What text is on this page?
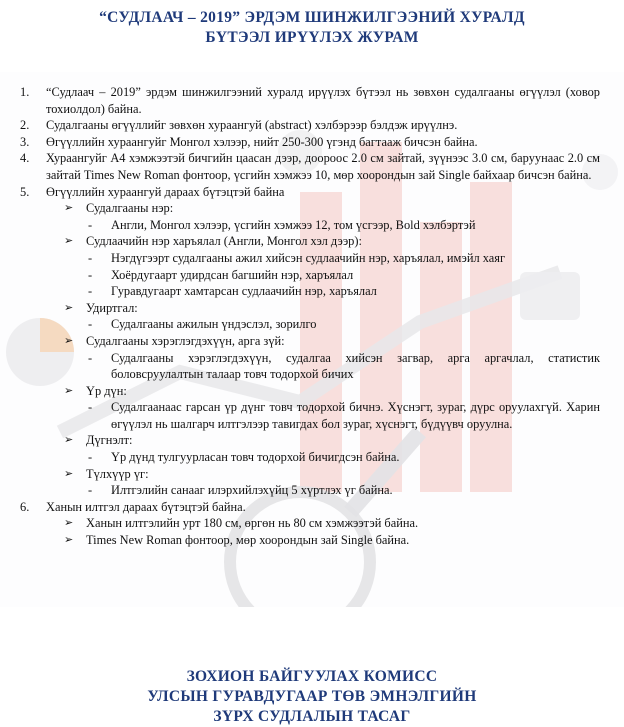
“СУДЛААЧ – 2019” ЭРДЭМ ШИНЖИЛГЭЭНИЙ ХУРАЛД
БҮТЭЭЛ ИРҮҮЛЭХ ЖУРАМ
1.	“Судлаач – 2019” эрдэм шинжилгээний хуралд ирүүлэх бүтээл нь зөвхөн судалгааны өгүүлэл (ховор тохиолдол) байна.
2.	Судалгааны өгүүллийг зөвхөн хураангуй (abstract) хэлбэрээр бэлдэж ирүүлнэ.
3.	Өгүүллийн хураангуйг Монгол хэлээр, нийт 250-300 үгэнд багтааж бичсэн байна.
4.	Хураангуйг А4 хэмжээтэй бичгийн цаасан дээр, доороос 2.0 см зайтай, зүүнээс 3.0 см, баруунаас 2.0 см зайтай Times New Roman фонтоор, үсгийн хэмжээ 10, мөр хоорондын зай Single байхаар бичсэн байна.
5.	Өгүүллийн хураангуй дараах бүтэцтэй байна
➢ Судалгааны нэр:
- Англи, Монгол хэлээр, үсгийн хэмжээ 12, том үсгээр, Bold хэлбэртэй
➢ Судлаачийн нэр харъялал (Англи, Монгол хэл дээр):
- Нэгдүгээрт судалгааны ажил хийсэн судлаачийн нэр, харъялал, имэйл хаяг
- Хоёрдугаарт удирдсан багшийн нэр, харъялал
- Гуравдугаарт хамтарсан судлаачийн нэр, харъялал
➢ Удиртгал:
- Судалгааны ажилын үндэслэл, зорилго
➢ Судалгааны хэрэглэгдэхүүн, арга зүй:
- Судалгааны хэрэглэгдэхүүн, судалгаа хийсэн загвар, арга аргачлал, статистик боловсруулалтын талаар товч тодорхой бичих
➢ Үр дүн:
- Судалгаанаас гарсан үр дүнг товч тодорхой бичнэ. Хүснэгт, зураг, дүрс оруулахгүй. Харин өгүүлэл нь шалгарч илтгэлээр тавигдах бол зураг, хүснэгт, бүдүүвч оруулна.
➢ Дүгнэлт:
- Үр дүнд тулгуурласан товч тодорхой бичигдсэн байна.
➢ Түлхүүр үг:
- Илтгэлийн санааг илэрхийлэхүйц 5 хүртлэх үг байна.
6.	Ханын илтгэл дараах бүтэцтэй байна.
➢ Ханын илтгэлийн урт 180 см, өргөн нь 80 см хэмжээтэй байна.
➢ Times New Roman фонтоор, мөр хоорондын зай Single байна.
ЗОХИОН БАЙГУУЛАХ КОМИСС
УЛСЫН ГУРАВДУГААР ТӨВ ЭМНЭЛГИЙН
ЗҮРХ СУДЛАЛЫН ТАСАГ
